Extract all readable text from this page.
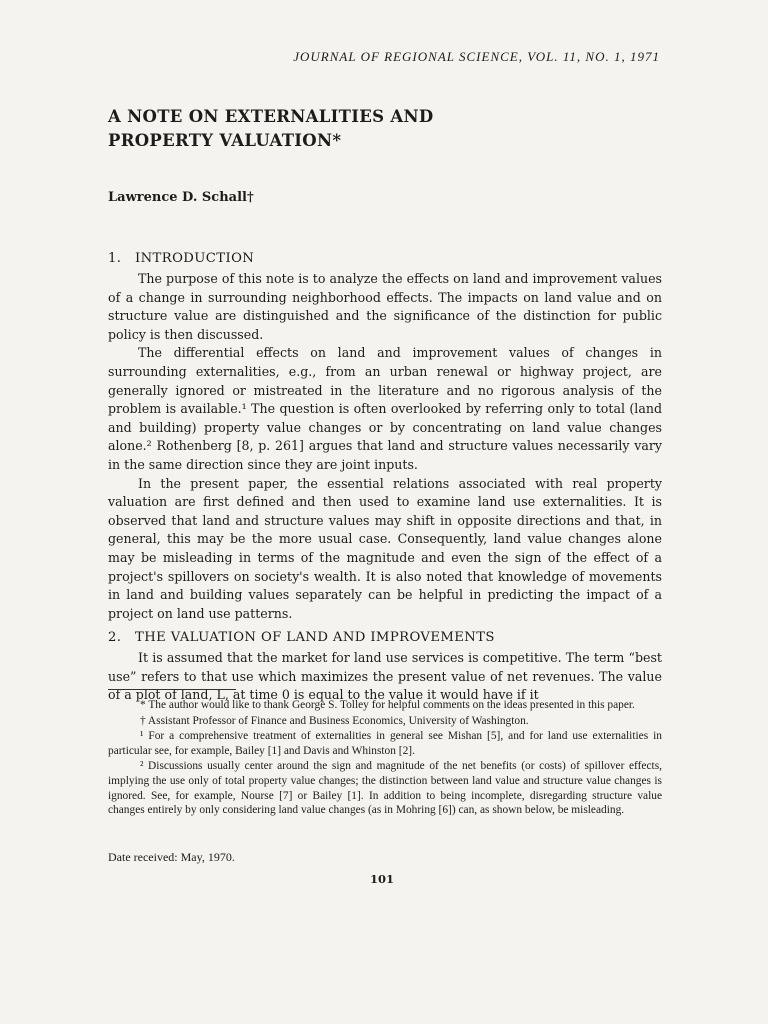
JOURNAL OF REGIONAL SCIENCE, VOL. 11, NO. 1, 1971
A NOTE ON EXTERNALITIES AND
PROPERTY VALUATION*
Lawrence D. Schall†
1. INTRODUCTION

The purpose of this note is to analyze the effects on land and improvement values of a change in surrounding neighborhood effects. The impacts on land value and on structure value are distinguished and the significance of the distinction for public policy is then discussed.

The differential effects on land and improvement values of changes in surrounding externalities, e.g., from an urban renewal or highway project, are generally ignored or mistreated in the literature and no rigorous analysis of the problem is available.¹ The question is often overlooked by referring only to total (land and building) property value changes or by concentrating on land value changes alone.² Rothenberg [8, p. 261] argues that land and structure values necessarily vary in the same direction since they are joint inputs.

In the present paper, the essential relations associated with real property valuation are first defined and then used to examine land use externalities. It is observed that land and structure values may shift in opposite directions and that, in general, this may be the more usual case. Consequently, land value changes alone may be misleading in terms of the magnitude and even the sign of the effect of a project's spillovers on society's wealth. It is also noted that knowledge of movements in land and building values separately can be helpful in predicting the impact of a project on land use patterns.

2. THE VALUATION OF LAND AND IMPROVEMENTS

It is assumed that the market for land use services is competitive. The term “best use” refers to that use which maximizes the present value of net revenues. The value of a plot of land, L, at time 0 is equal to the value it would have if it

* The author would like to thank George S. Tolley for helpful comments on the ideas presented in this paper.

† Assistant Professor of Finance and Business Economics, University of Washington.

¹ For a comprehensive treatment of externalities in general see Mishan [5], and for land use externalities in particular see, for example, Bailey [1] and Davis and Whinston [2].

² Discussions usually center around the sign and magnitude of the net benefits (or costs) of spillover effects, implying the use only of total property value changes; the distinction between land value and structure value changes is ignored. See, for example, Nourse [7] or Bailey [1]. In addition to being incomplete, disregarding structure value changes entirely by only considering land value changes (as in Mohring [6]) can, as shown below, be misleading.

Date received: May, 1970.
101
